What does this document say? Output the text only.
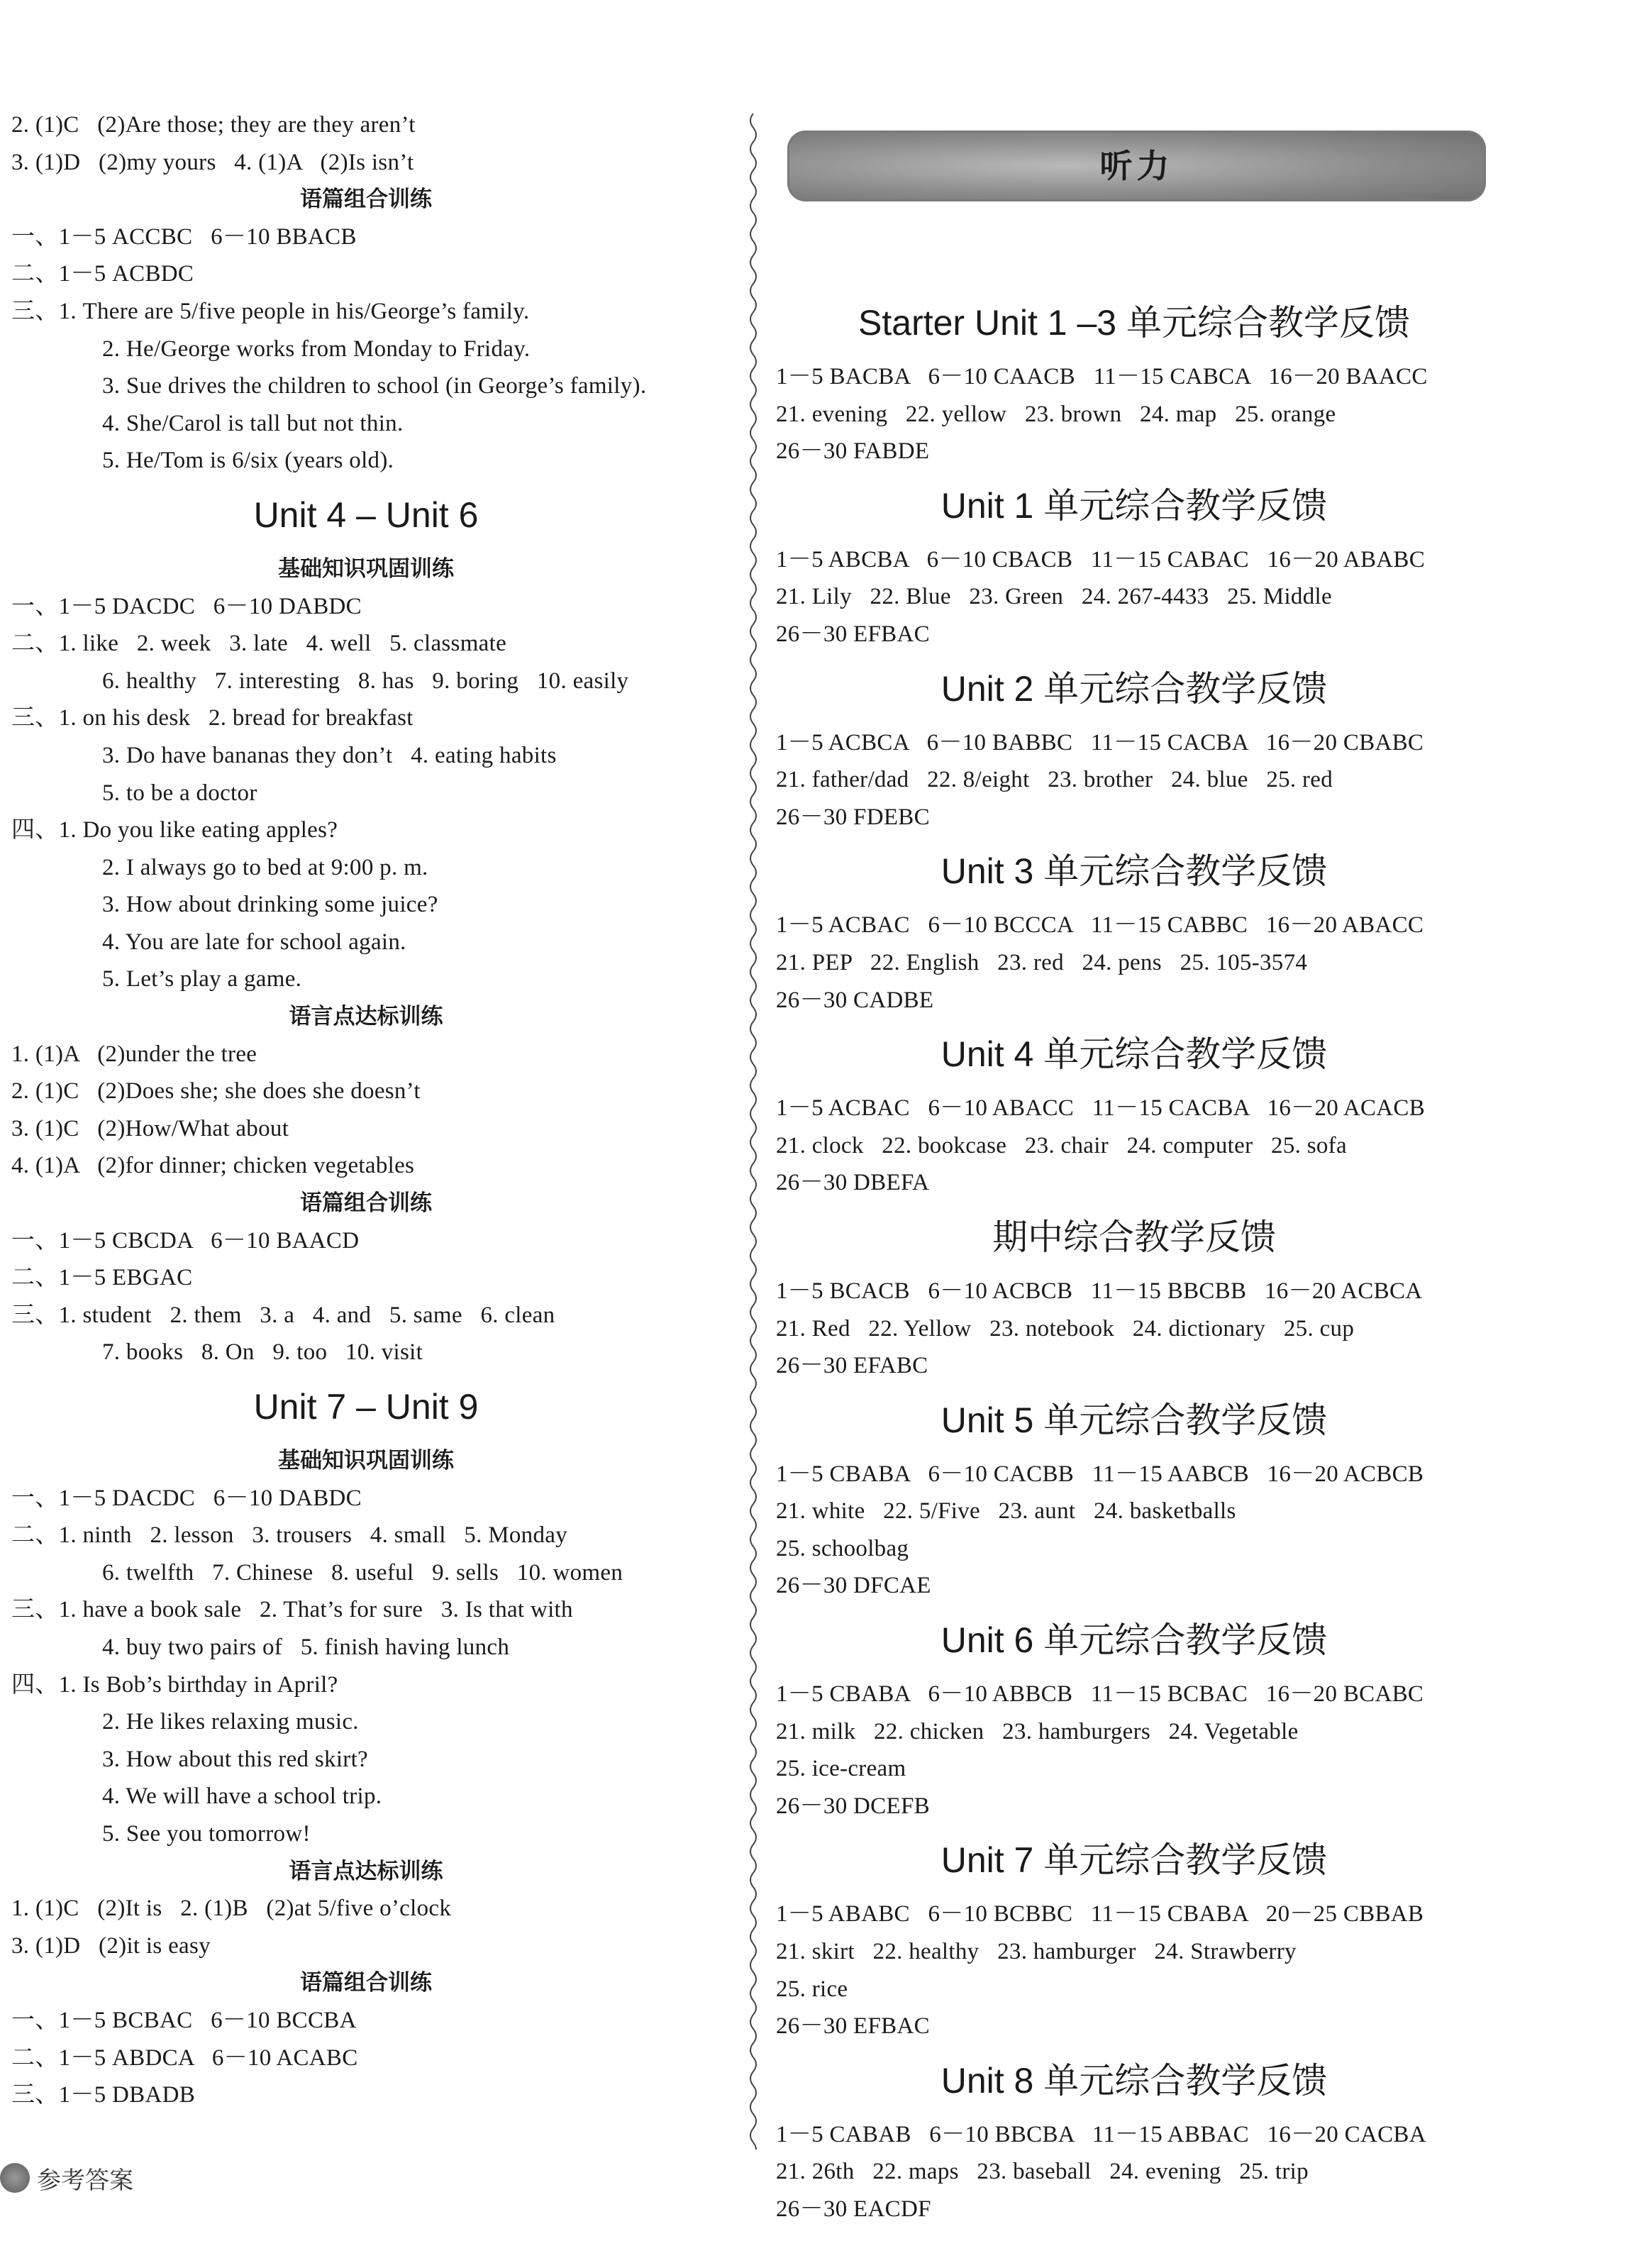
2. (1)C   (2)Are those; they are they aren’t
3. (1)D   (2)my yours   4. (1)A   (2)Is isn’t
语篇组合训练
一、1－5 ACCBC   6－10 BBACB
二、1－5 ACBDC
三、1. There are 5/five people in his/George’s family.
2. He/George works from Monday to Friday.
3. Sue drives the children to school (in George’s family).
4. She/Carol is tall but not thin.
5. He/Tom is 6/six (years old).
Unit 4 – Unit 6
基础知识巩固训练
一、1－5 DACDC   6－10 DABDC
二、1. like   2. week   3. late   4. well   5. classmate
6. healthy   7. interesting   8. has   9. boring   10. easily
三、1. on his desk   2. bread for breakfast
3. Do have bananas they don’t   4. eating habits
5. to be a doctor
四、1. Do you like eating apples?
2. I always go to bed at 9:00 p. m.
3. How about drinking some juice?
4. You are late for school again.
5. Let’s play a game.
语言点达标训练
1. (1)A   (2)under the tree
2. (1)C   (2)Does she; she does she doesn’t
3. (1)C   (2)How/What about
4. (1)A   (2)for dinner; chicken vegetables
语篇组合训练
一、1－5 CBCDA   6－10 BAACD
二、1－5 EBGAC
三、1. student   2. them   3. a   4. and   5. same   6. clean
7. books   8. On   9. too   10. visit
Unit 7 – Unit 9
基础知识巩固训练
一、1－5 DACDC   6－10 DABDC
二、1. ninth   2. lesson   3. trousers   4. small   5. Monday
6. twelfth   7. Chinese   8. useful   9. sells   10. women
三、1. have a book sale   2. That’s for sure   3. Is that with
4. buy two pairs of   5. finish having lunch
四、1. Is Bob’s birthday in April?
2. He likes relaxing music.
3. How about this red skirt?
4. We will have a school trip.
5. See you tomorrow!
语言点达标训练
1. (1)C   (2)It is   2. (1)B   (2)at 5/five o’clock
3. (1)D   (2)it is easy
语篇组合训练
一、1－5 BCBAC   6－10 BCCBA
二、1－5 ABDCA   6－10 ACABC
三、1－5 DBADB
听力
Starter Unit 1 –3 单元综合教学反馈
1－5 BACBA   6－10 CAACB   11－15 CABCA   16－20 BAACC
21. evening   22. yellow   23. brown   24. map   25. orange
26－30 FABDE
Unit 1 单元综合教学反馈
1－5 ABCBA   6－10 CBACB   11－15 CABAC   16－20 ABABC
21. Lily   22. Blue   23. Green   24. 267-4433   25. Middle
26－30 EFBAC
Unit 2 单元综合教学反馈
1－5 ACBCA   6－10 BABBC   11－15 CACBA   16－20 CBABC
21. father/dad   22. 8/eight   23. brother   24. blue   25. red
26－30 FDEBC
Unit 3 单元综合教学反馈
1－5 ACBAC   6－10 BCCCA   11－15 CABBC   16－20 ABACC
21. PEP   22. English   23. red   24. pens   25. 105-3574
26－30 CADBE
Unit 4 单元综合教学反馈
1－5 ACBAC   6－10 ABACC   11－15 CACBA   16－20 ACACB
21. clock   22. bookcase   23. chair   24. computer   25. sofa
26－30 DBEFA
期中综合教学反馈
1－5 BCACB   6－10 ACBCB   11－15 BBCBB   16－20 ACBCA
21. Red   22. Yellow   23. notebook   24. dictionary   25. cup
26－30 EFABC
Unit 5 单元综合教学反馈
1－5 CBABA   6－10 CACBB   11－15 AABCB   16－20 ACBCB
21. white   22. 5/Five   23. aunt   24. basketballs
25. schoolbag
26－30 DFCAE
Unit 6 单元综合教学反馈
1－5 CBABA   6－10 ABBCB   11－15 BCBAC   16－20 BCABC
21. milk   22. chicken   23. hamburgers   24. Vegetable
25. ice-cream
26－30 DCEFB
Unit 7 单元综合教学反馈
1－5 ABABC   6－10 BCBBC   11－15 CBABA   20－25 CBBAB
21. skirt   22. healthy   23. hamburger   24. Strawberry
25. rice
26－30 EFBAC
Unit 8 单元综合教学反馈
1－5 CABAB   6－10 BBCBA   11－15 ABBAC   16－20 CACBA
21. 26th   22. maps   23. baseball   24. evening   25. trip
26－30 EACDF
参考答案
